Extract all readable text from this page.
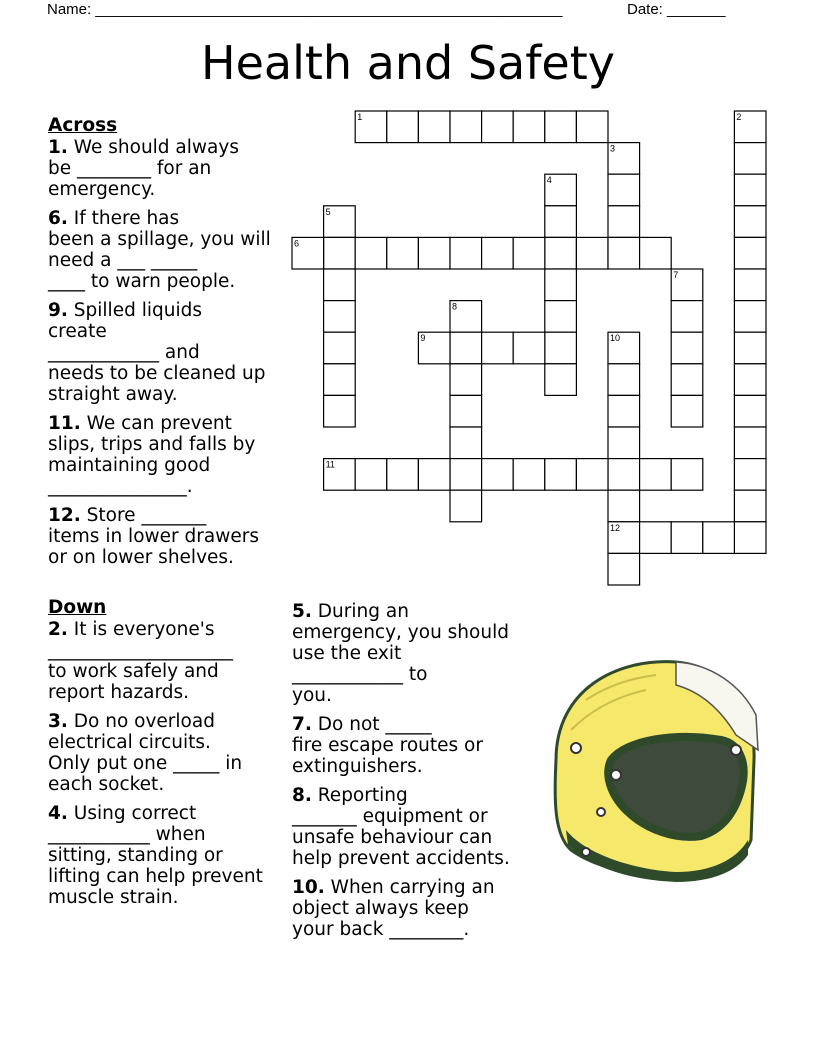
Name: ________________________________________________________	Date: _______
Health and Safety
Across
1. We should always
be ________ for an
emergency.
6. If there has
been a spillage, you will
need a ___ _____
____ to warn people.
9. Spilled liquids
create
____________ and
needs to be cleaned up
straight away.
11. We can prevent
slips, trips and falls by
maintaining good
_______________.
12. Store _______
items in lower drawers
or on lower shelves.
Down
2. It is everyone's
____________________
to work safely and
report hazards.
3. Do no overload
electrical circuits.
Only put one _____ in
each socket.
4. Using correct
___________ when
sitting, standing or
lifting can help prevent
muscle strain.
5. During an
emergency, you should
use the exit
____________ to
you.
7. Do not _____
fire escape routes or
extinguishers.
8. Reporting
_______ equipment or
unsafe behaviour can
help prevent accidents.
10. When carrying an
object always keep
your back ________.
1	2
3
4
5
6
7
8
9	10
12
11
